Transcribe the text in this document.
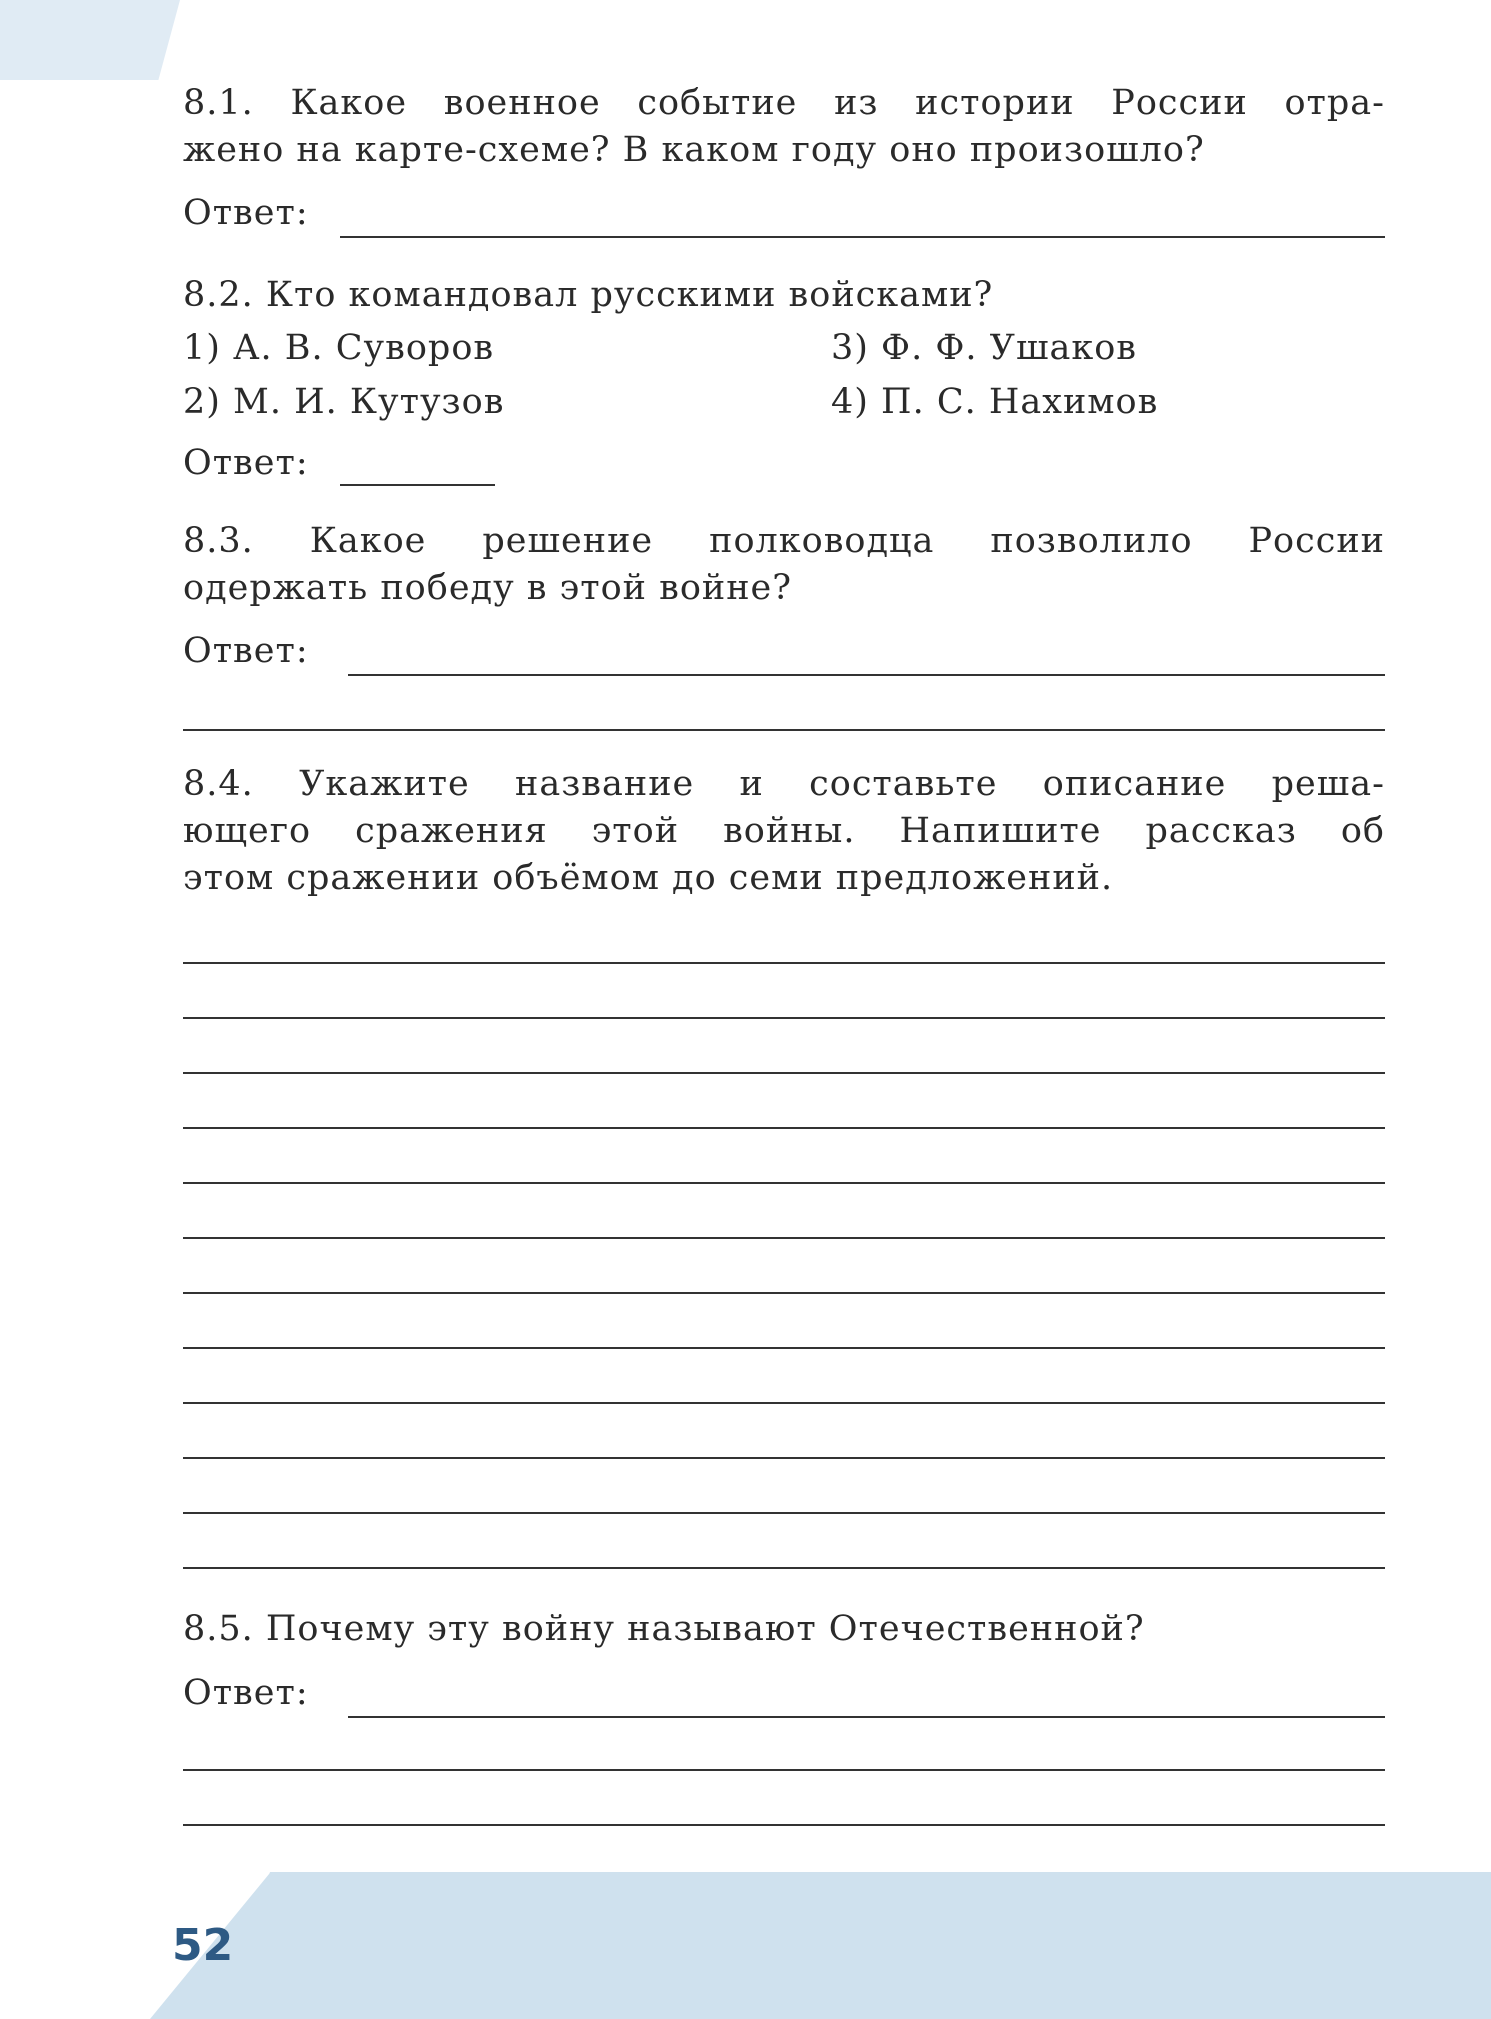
8.1. Какое военное событие из истории России отра-

жено на карте-схеме? В каком году оно произошло?

Ответ:

8.2. Кто командовал русскими войсками?

1) А. В. Суворов
2) М. И. Кутузов
3) Ф. Ф. Ушаков
4) П. С. Нахимов
Ответ:

8.3. Какое решение полководца позволило России

одержать победу в этой войне?

Ответ:

8.4. Укажите название и составьте описание реша-

ющего сражения этой войны. Напишите рассказ об

этом сражении объёмом до семи предложений.

8.5. Почему эту войну называют Отечественной?

Ответ:
52
